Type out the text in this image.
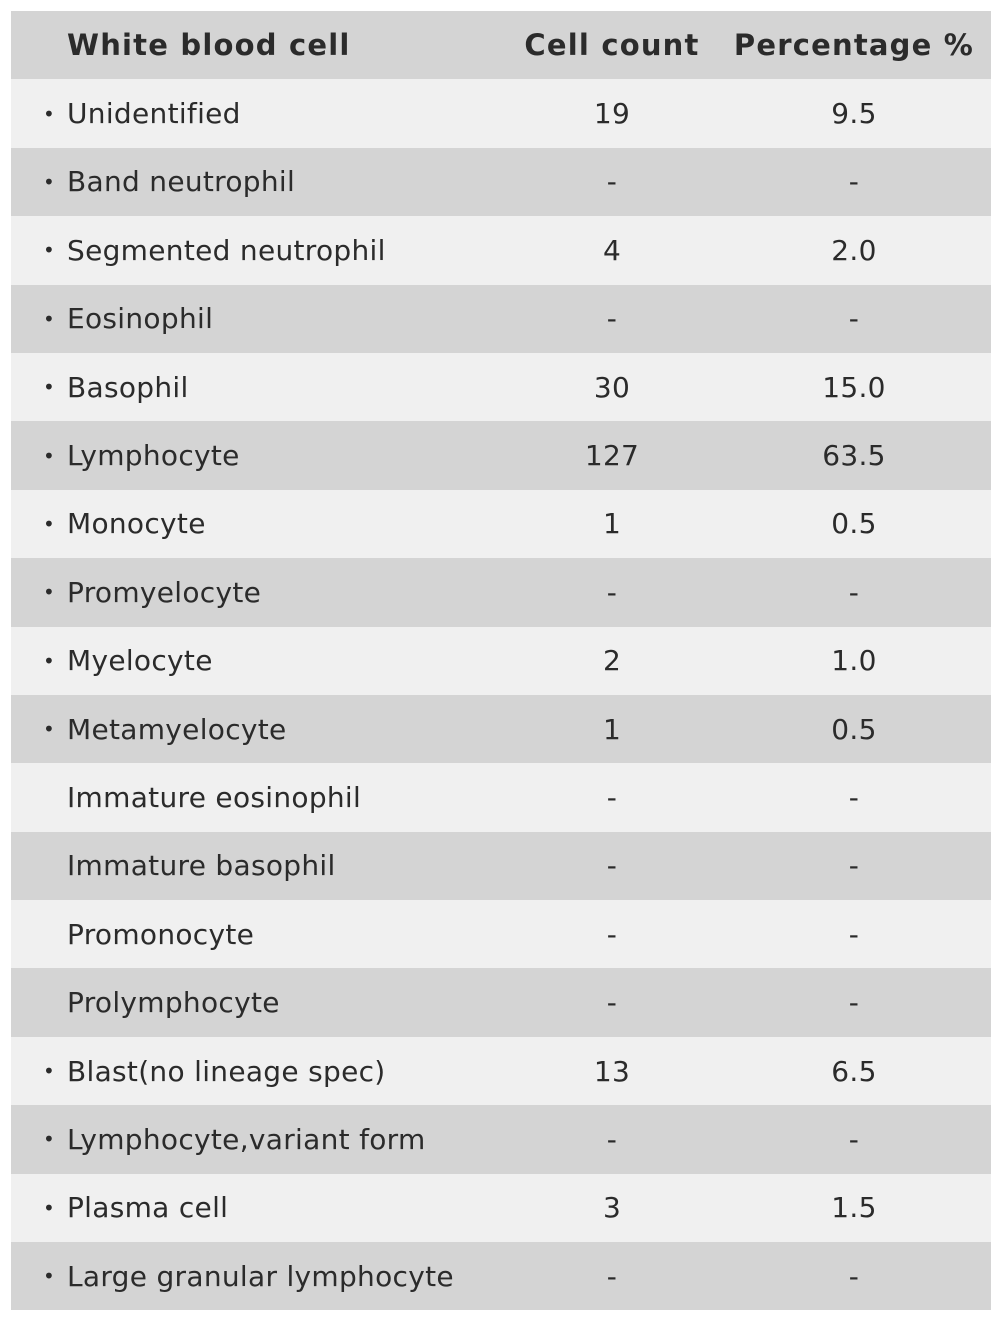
White blood cell	Cell count	Percentage %
• Unidentified	19	9.5
• Band neutrophil	-	-
• Segmented neutrophil	4	2.0
• Eosinophil	-	-
• Basophil	30	15.0
• Lymphocyte	127	63.5
• Monocyte	1	0.5
• Promyelocyte	-	-
• Myelocyte	2	1.0
• Metamyelocyte	1	0.5
Immature eosinophil	-	-
Immature basophil	-	-
Promonocyte	-	-
Prolymphocyte	-	-
• Blast(no lineage spec)	13	6.5
• Lymphocyte,variant form	-	-
• Plasma cell	3	1.5
• Large granular lymphocyte	-	-
